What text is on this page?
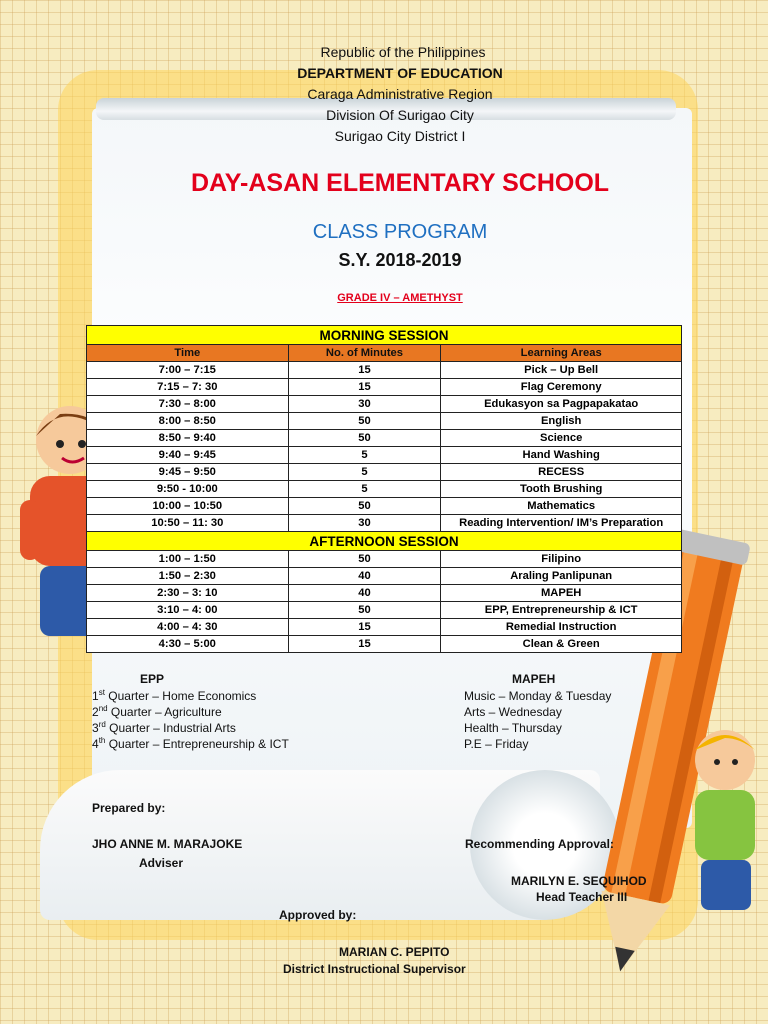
Republic of the Philippines
DEPARTMENT OF EDUCATION
Caraga Administrative Region
Division Of Surigao City
Surigao City District I
DAY-ASAN ELEMENTARY SCHOOL
CLASS PROGRAM
S.Y. 2018-2019
GRADE IV – AMETHYST
MORNING SESSION		
Time	No. of Minutes	Learning Areas
7:00 – 7:15	15	Pick – Up Bell
7:15 – 7: 30	15	Flag Ceremony
7:30 – 8:00	30	Edukasyon sa Pagpapakatao
8:00 – 8:50	50	English
8:50 – 9:40	50	Science
9:40 – 9:45	5	Hand Washing
9:45 – 9:50	5	RECESS
9:50 - 10:00	5	Tooth Brushing
10:00 – 10:50	50	Mathematics
10:50 – 11: 30	30	Reading Intervention/ IM’s Preparation
AFTERNOON SESSION		
1:00 – 1:50	50	Filipino
1:50 – 2:30	40	Araling Panlipunan
2:30 – 3: 10	40	MAPEH
3:10 – 4: 00	50	EPP, Entrepreneurship & ICT
4:00 – 4: 30	15	Remedial Instruction
4:30 – 5:00	15	Clean & Green
EPP
1st Quarter – Home Economics
2nd Quarter – Agriculture
3rd Quarter – Industrial Arts
4th Quarter – Entrepreneurship & ICT
MAPEH
Music – Monday & Tuesday
Arts – Wednesday
Health – Thursday
P.E – Friday
Prepared by:
JHO ANNE M. MARAJOKE
Adviser
Recommending Approval:
MARILYN E. SEQUIHOD
Head Teacher III
Approved by:
MARIAN C. PEPITO
District Instructional Supervisor
